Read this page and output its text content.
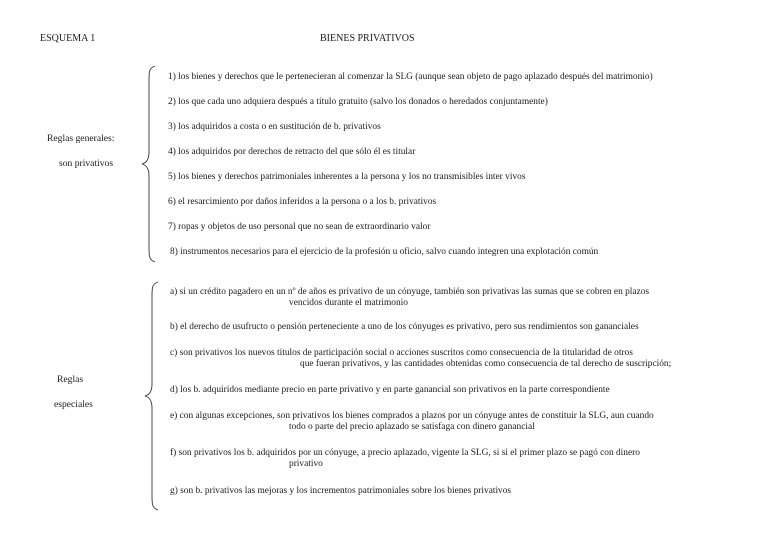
ESQUEMA 1	BIENES PRIVATIVOS
Reglas generales:
son privativos
1) los bienes y derechos que le pertenecieran al comenzar la SLG (aunque sean objeto de pago aplazado después del matrimonio)
2) los que cada uno adquiera después a título gratuito (salvo los donados o heredados conjuntamente)
3) los adquiridos a costa o en sustitución de b. privativos
4) los adquiridos por derechos de retracto del que sólo él es titular
5) los bienes y derechos patrimoniales inherentes a la persona y los no transmisibles inter vivos
6) el resarcimiento por daños inferidos a la persona o a los b. privativos
7) ropas y objetos de uso personal que no sean de extraordinario valor
8) instrumentos necesarios para el ejercicio de la profesión u oficio, salvo cuando integren una explotación común
Reglas
especiales
a) si un crédito pagadero en un nº de años es privativo de un cónyuge, también son privativas las sumas que se cobren en plazos
vencidos durante el matrimonio
b) el derecho de usufructo o pensión perteneciente a uno de los cónyuges es privativo, pero sus rendimientos son gananciales
c) son privativos los nuevos títulos de participación social o acciones suscritos como consecuencia de la titularidad de otros
que fueran privativos, y las cantidades obtenidas como consecuencia de tal derecho de suscripción;
d) los b. adquiridos mediante precio en parte privativo y en parte ganancial son privativos en la parte correspondiente
e) con algunas excepciones, son privativos los bienes comprados a plazos por un cónyuge antes de constituir la SLG, aun cuando
todo o parte del precio aplazado se satisfaga con dinero ganancial
f) son privativos los b. adquiridos por un cónyuge, a precio aplazado, vigente la SLG, si si el primer plazo se pagó con dinero
privativo
g) son b. privativos las mejoras y los incrementos patrimoniales sobre los bienes privativos
